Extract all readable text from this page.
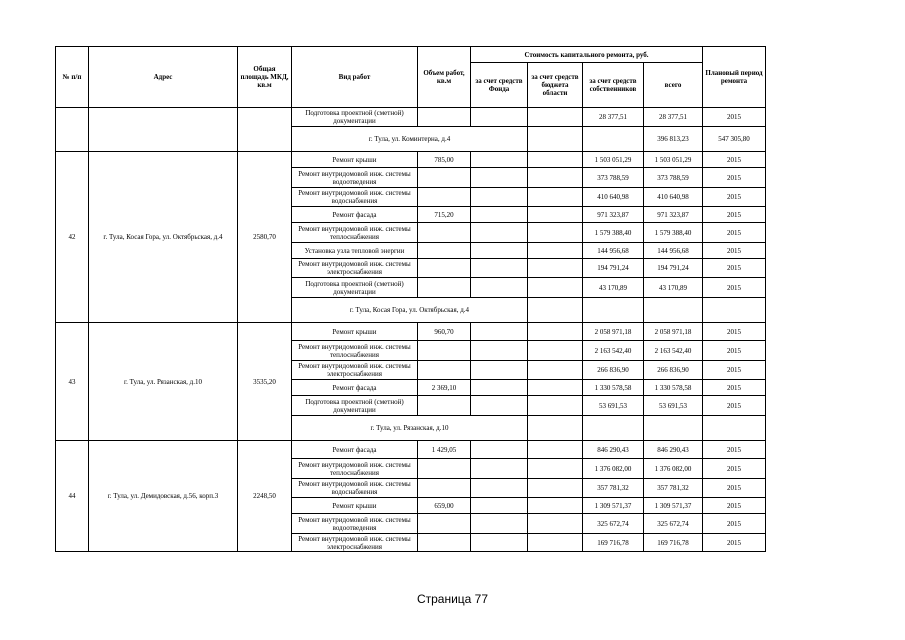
№ п/п	Адрес	Общая площадь МКД, кв.м	Вид работ	Объем работ, кв.м	Стоимость капитального ремонта, руб.				Плановый период ремонта	
					за счет средств Фонда	за счет средств бюджета области	за счет средств собственников	всего		
			Подготовка проектной (сметной) документации				28 377,51	28 377,51	2015	
			г. Тула, ул. Коминтерна, д.4					396 813,23	547 305,80			
42	г. Тула, Косая Гора, ул. Октябрьская, д.4	2580,70	Ремонт крыши	785,00			1 503 051,29	1 503 051,29	2015	
			Ремонт внутридомовой инж. системы водоотведения				373 788,59	373 788,59	2015	
			Ремонт внутридомовой инж. системы водоснабжения				410 640,98	410 640,98	2015	
			Ремонт фасада	715,20			971 323,87	971 323,87	2015	
			Ремонт внутридомовой инж. системы теплоснабжения				1 579 388,40	1 579 388,40	2015	
			Установка узла тепловой энергии				144 956,68	144 956,68	2015	
			Ремонт внутридомовой инж. системы электроснабжения				194 791,24	194 791,24	2015	
			Подготовка проектной (сметной) документации				43 170,89	43 170,89	2015	
			г. Тула, Косая Гора, ул. Октябрьская, д.4							
43	г. Тула, ул. Рязанская, д.10	3535,20	Ремонт крыши	960,70			2 058 971,18	2 058 971,18	2015	
			Ремонт внутридомовой инж. системы теплоснабжения				2 163 542,40	2 163 542,40	2015	
			Ремонт внутридомовой инж. системы электроснабжения				266 836,90	266 836,90	2015	
			Ремонт фасада	2 369,10			1 330 578,58	1 330 578,58	2015	
			Подготовка проектной (сметной) документации				53 691,53	53 691,53	2015	
			г. Тула, ул. Рязанская, д.10							
44	г. Тула, ул. Демидовская, д.56, корп.3	2248,50	Ремонт фасада	1 429,05			846 290,43	846 290,43	2015	
			Ремонт внутридомовой инж. системы теплоснабжения				1 376 082,00	1 376 082,00	2015	
			Ремонт внутридомовой инж. системы водоснабжения				357 781,32	357 781,32	2015	
			Ремонт крыши	659,00			1 309 571,37	1 309 571,37	2015	
			Ремонт внутридомовой инж. системы водоотведения				325 672,74	325 672,74	2015	
			Ремонт внутридомовой инж. системы электроснабжения				169 716,78	169 716,78	2015	
Страница 77
